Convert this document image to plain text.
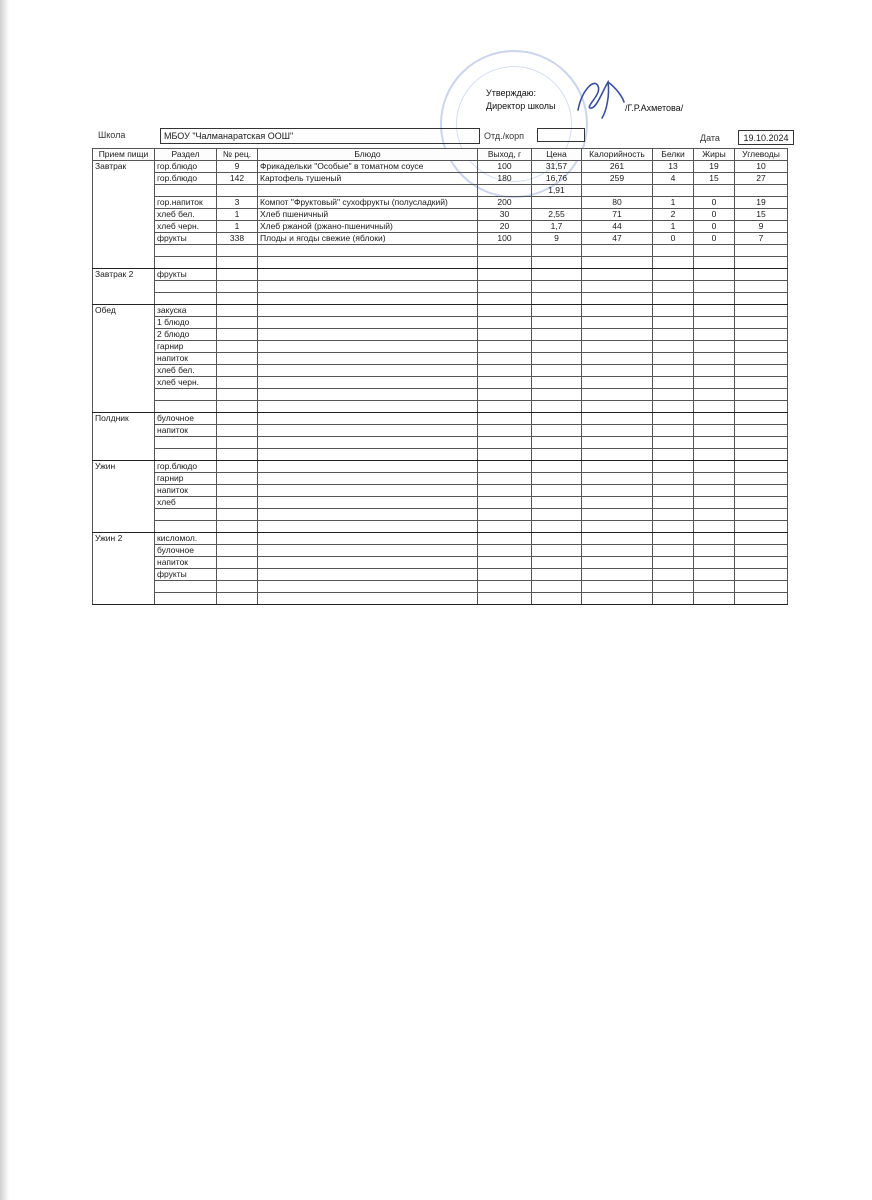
Утверждаю:
Директор школы	/Г.Р.Ахметова/
Школа	МБОУ "Чалманаратская ООШ"	Отд./корп	Дата	19.10.2024
Прием пищи	Раздел	№ рец.	Блюдо	Выход, г	Цена	Калорийность	Белки	Жиры	Углеводы
Завтрак	гор.блюдо	9	Фрикадельки "Особые" в томатном соусе	100	31,57	261	13	19	10
	гор.блюдо	142	Картофель тушеный	180	16,76	259	4	15	27
					1,91				
	гор.напиток	3	Компот "Фруктовый" сухофрукты (полусладкий)	200		80	1	0	19
	хлеб бел.	1	Хлеб пшеничный	30	2,55	71	2	0	15
	хлеб черн.	1	Хлеб ржаной (ржано-пшеничный)	20	1,7	44	1	0	9
	фрукты	338	Плоды и ягоды свежие (яблоки)	100	9	47	0	0	7

Завтрак 2	фрукты								

Обед	закуска								
	1 блюдо								
	2 блюдо								
	гарнир								
	напиток								
	хлеб бел.								
	хлеб черн.								

Полдник	булочное								
	напиток								

Ужин	гор.блюдо								
	гарнир								
	напиток								
	хлеб								

Ужин 2	кисломол.								
	булочное								
	напиток								
	фрукты								
